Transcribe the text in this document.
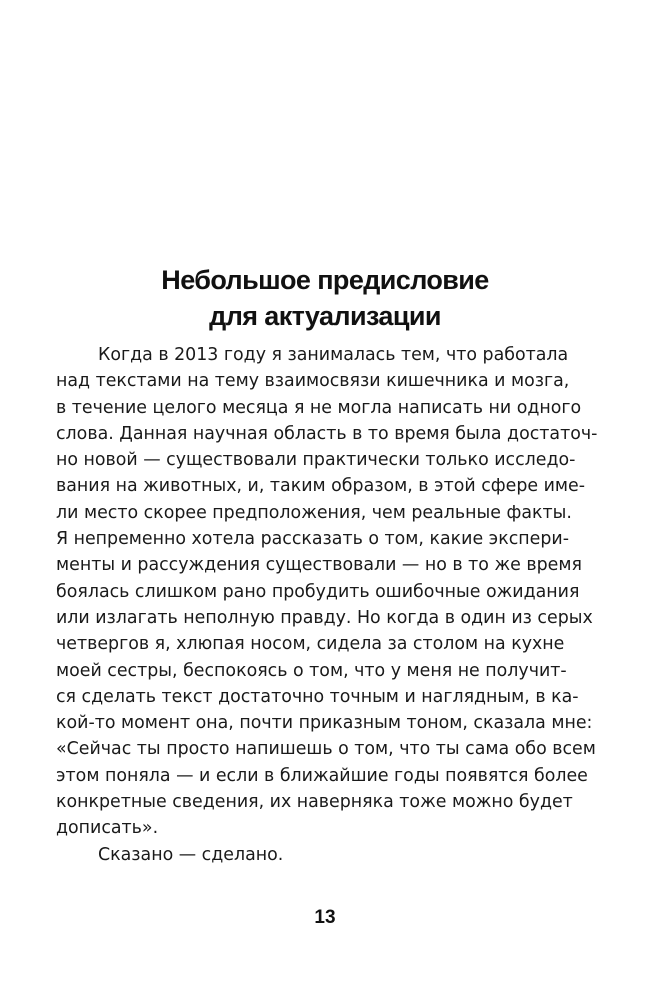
Небольшое предисловие
для актуализации
Когда в 2013 году я занималась тем, что работала
над текстами на тему взаимосвязи кишечника и мозга,
в течение целого месяца я не могла написать ни одного
слова. Данная научная область в то время была достаточ-
но новой — существовали практически только исследо-
вания на животных, и, таким образом, в этой сфере име-
ли место скорее предположения, чем реальные факты.
Я непременно хотела рассказать о том, какие экспери-
менты и рассуждения существовали — но в то же время
боялась слишком рано пробудить ошибочные ожидания
или излагать неполную правду. Но когда в один из серых
четвергов я, хлюпая носом, сидела за столом на кухне
моей сестры, беспокоясь о том, что у меня не получит-
ся сделать текст достаточно точным и наглядным, в ка-
кой-то момент она, почти приказным тоном, сказала мне:
«Сейчас ты просто напишешь о том, что ты сама обо всем
этом поняла — и если в ближайшие годы появятся более
конкретные сведения, их наверняка тоже можно будет
дописать».
Сказано — сделано.
13
